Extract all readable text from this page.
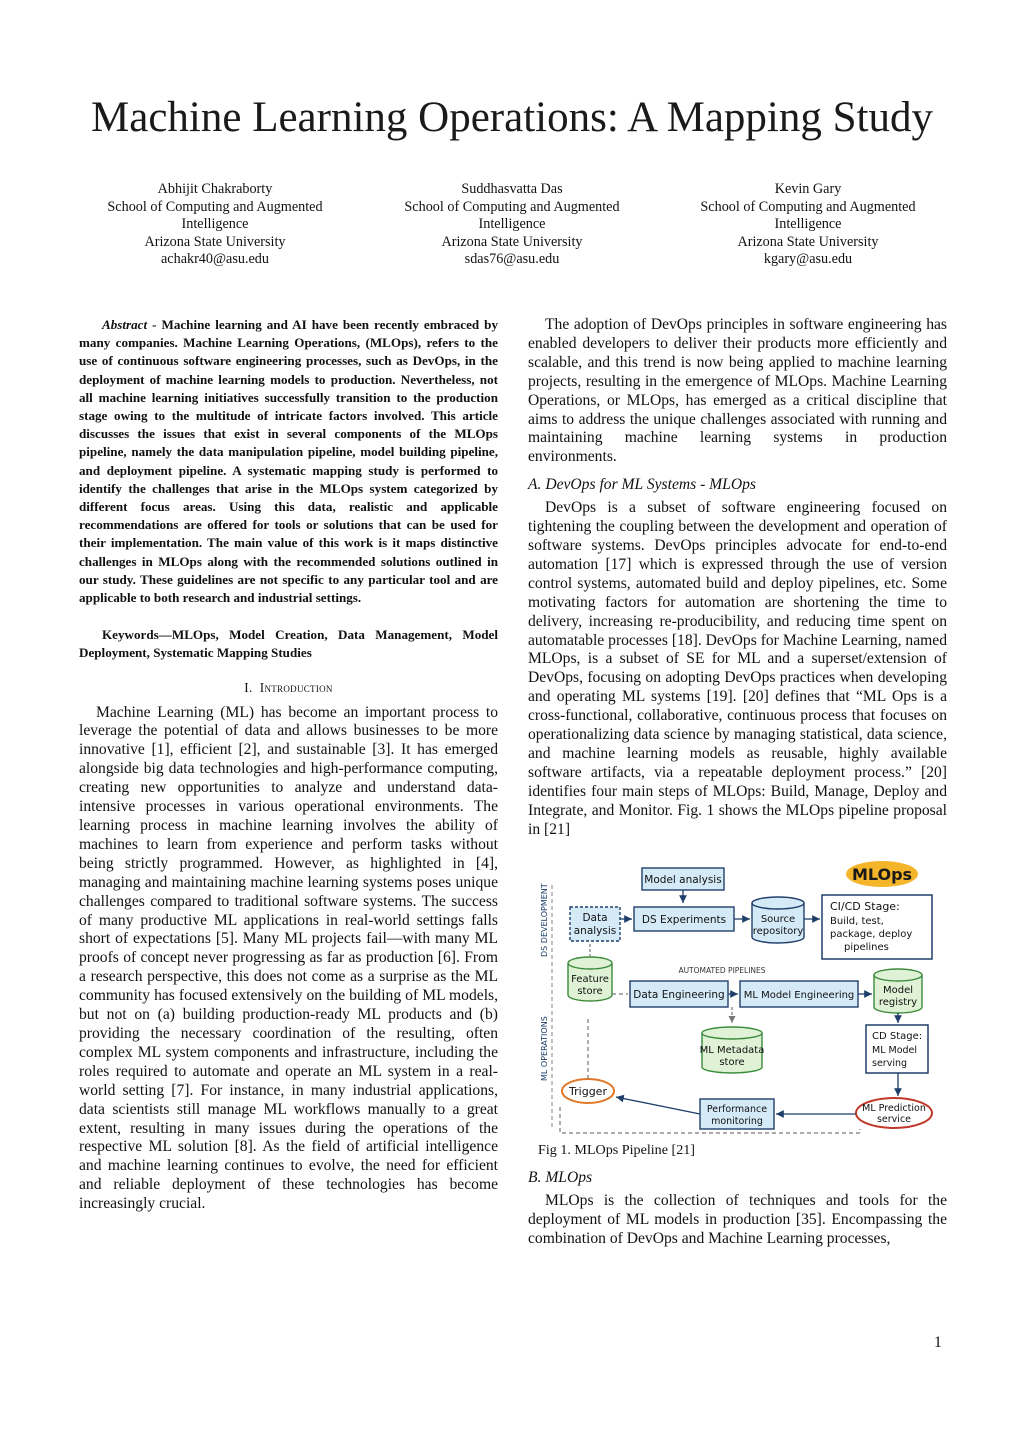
Machine Learning Operations: A Mapping Study
Abhijit Chakraborty
School of Computing and Augmented
Intelligence
Arizona State University
achakr40@asu.edu
Suddhasvatta Das
School of Computing and Augmented
Intelligence
Arizona State University
sdas76@asu.edu
Kevin Gary
School of Computing and Augmented
Intelligence
Arizona State University
kgary@asu.edu

Abstract - Machine learning and AI have been recently embraced by many companies. Machine Learning Operations, (MLOps), refers to the use of continuous software engineering processes, such as DevOps, in the deployment of machine learning models to production. Nevertheless, not all machine learning initiatives successfully transition to the production stage owing to the multitude of intricate factors involved. This article discusses the issues that exist in several components of the MLOps pipeline, namely the data manipulation pipeline, model building pipeline, and deployment pipeline. A systematic mapping study is performed to identify the challenges that arise in the MLOps system categorized by different focus areas. Using this data, realistic and applicable recommendations are offered for tools or solutions that can be used for their implementation. The main value of this work is it maps distinctive challenges in MLOps along with the recommended solutions outlined in our study. These guidelines are not specific to any particular tool and are applicable to both research and industrial settings.

Keywords—MLOps, Model Creation, Data Management, Model Deployment, Systematic Mapping Studies

I. Introduction

Machine Learning (ML) has become an important process to leverage the potential of data and allows businesses to be more innovative [1], efficient [2], and sustainable [3]. It has emerged alongside big data technologies and high-performance computing, creating new opportunities to analyze and understand data-intensive processes in various operational environments. The learning process in machine learning involves the ability of machines to learn from experience and perform tasks without being strictly programmed. However, as highlighted in [4], managing and maintaining machine learning systems poses unique challenges compared to traditional software systems. The success of many productive ML applications in real-world settings falls short of expectations [5]. Many ML projects fail—with many ML proofs of concept never progressing as far as production [6]. From a research perspective, this does not come as a surprise as the ML community has focused extensively on the building of ML models, but not on (a) building production-ready ML products and (b) providing the necessary coordination of the resulting, often complex ML system components and infrastructure, including the roles required to automate and operate an ML system in a real-world setting [7]. For instance, in many industrial applications, data scientists still manage ML workflows manually to a great extent, resulting in many issues during the operations of the respective ML solution [8]. As the field of artificial intelligence and machine learning continues to evolve, the need for efficient and reliable deployment of these technologies has become increasingly crucial.

The adoption of DevOps principles in software engineering has enabled developers to deliver their products more efficiently and scalable, and this trend is now being applied to machine learning projects, resulting in the emergence of MLOps. Machine Learning Operations, or MLOps, has emerged as a critical discipline that aims to address the unique challenges associated with running and maintaining machine learning systems in production environments.

A. DevOps for ML Systems - MLOps

DevOps is a subset of software engineering focused on tightening the coupling between the development and operation of software systems. DevOps principles advocate for end-to-end automation [17] which is expressed through the use of version control systems, automated build and deploy pipelines, etc. Some motivating factors for automation are shortening the time to delivery, increasing re-producibility, and reducing time spent on automatable processes [18]. DevOps for Machine Learning, named MLOps, is a subset of SE for ML and a superset/extension of DevOps, focusing on adopting DevOps practices when developing and operating ML systems [19]. [20] defines that “ML Ops is a cross-functional, collaborative, continuous process that focuses on operationalizing data science by managing statistical, data science, and machine learning models as reusable, highly available software artifacts, via a repeatable deployment process.” [20] identifies four main steps of MLOps: Build, Manage, Deploy and Integrate, and Monitor. Fig. 1 shows the MLOps pipeline proposal in [21]

DS DEVELOPMENT
ML OPERATIONS
MLOps
Model analysis
Data
analysis
DS Experiments	Source
repository
CI/CD Stage:
Build, test,
package, deploy
pipelines
Feature
store
AUTOMATED PIPELINES
Data Engineering ML Model Engineering	Model
registry
ML Metadata
store
CD Stage:
ML Model
serving
Trigger
Performance
monitoring
ML Prediction
service

Fig 1. MLOps Pipeline [21]

B. MLOps

MLOps is the collection of techniques and tools for the deployment of ML models in production [35]. Encompassing the combination of DevOps and Machine Learning processes,

1
